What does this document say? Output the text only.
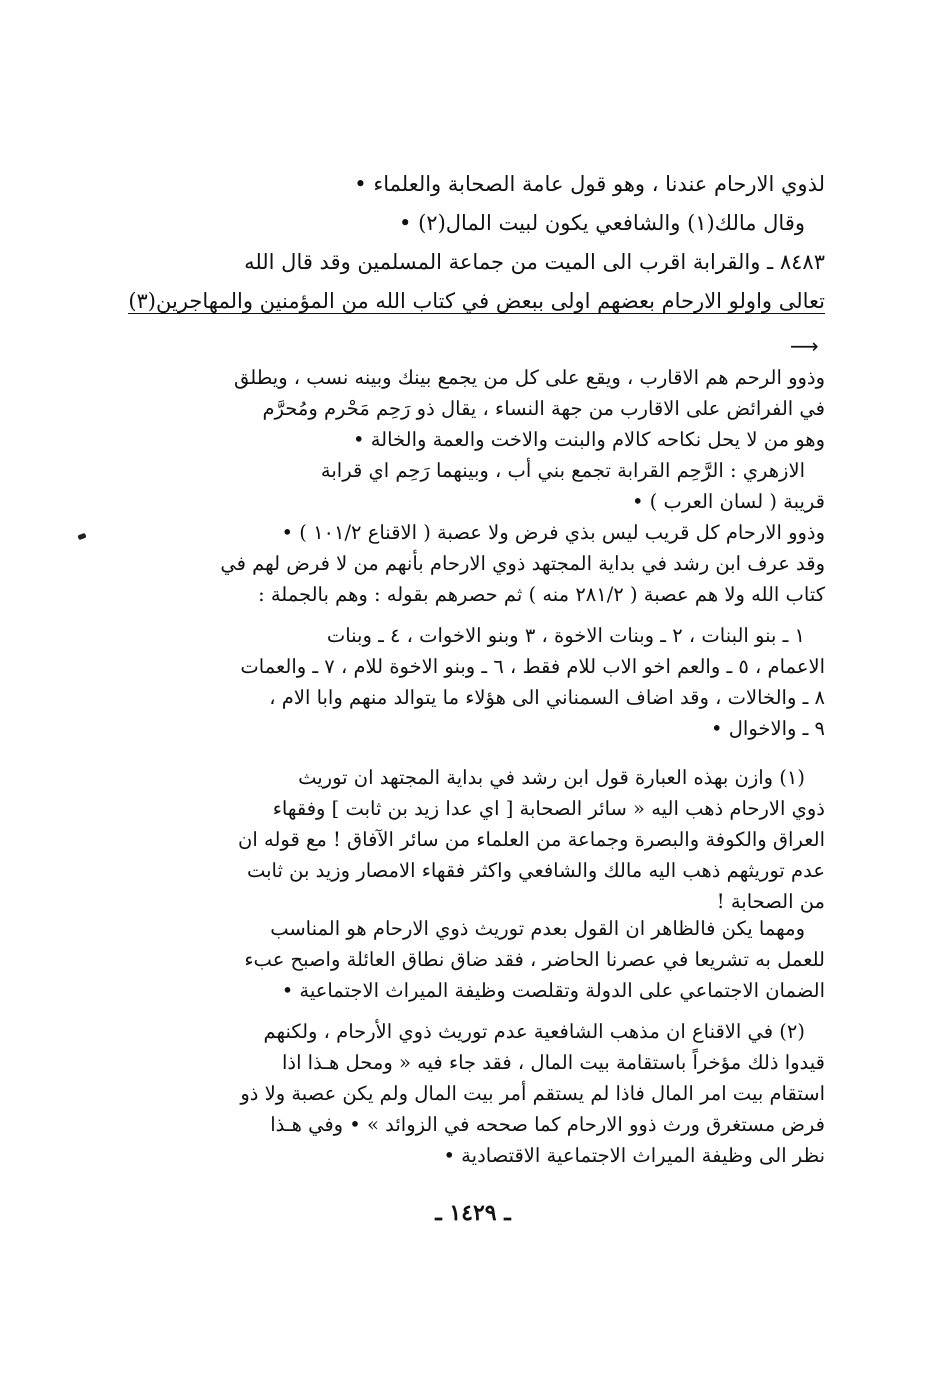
لذوي الارحام عندنا ، وهو قول عامة الصحابة والعلماء •
وقال مالك(١) والشافعي يكون لبيت المال(٢) •
٨٤٨٣ ـ والقرابة اقرب الى الميت من جماعة المسلمين وقد قال الله
تعالى واولو الارحام بعضهم اولى ببعض في كتاب الله من المؤمنين والمهاجرين(٣)
⟶
وذوو الرحم هم الاقارب ، ويقع على كل من يجمع بينك وبينه نسب ، ويطلق
في الفرائض على الاقارب من جهة النساء ، يقال ذو رَحِم مَحْرم ومُحرَّم
وهو من لا يحل نكاحه كالام والبنت والاخت والعمة والخالة •
الازهري : الرَّحِم القرابة تجمع بني أب ، وبينهما رَحِم اي قرابة
قريبة ( لسان العرب ) •
وذوو الارحام كل قريب ليس بذي فرض ولا عصبة ( الاقناع ١٠١/٢ ) •
وقد عرف ابن رشد في بداية المجتهد ذوي الارحام بأنهم من لا فرض لهم في
كتاب الله ولا هم عصبة ( ٢٨١/٢ منه ) ثم حصرهم بقوله : وهم بالجملة :
١ ـ بنو البنات ، ٢ ـ وبنات الاخوة ، ٣ وبنو الاخوات ، ٤ ـ وبنات
الاعمام ، ٥ ـ والعم اخو الاب للام فقط ، ٦ ـ وبنو الاخوة للام ، ٧ ـ والعمات
٨ ـ والخالات ، وقد اضاف السمناني الى هؤلاء ما يتوالد منهم وابا الام ،
٩ ـ والاخوال •
(١) وازن بهذه العبارة قول ابن رشد في بداية المجتهد ان توريث
ذوي الارحام ذهب اليه « سائر الصحابة [ اي عدا زيد بن ثابت ] وفقهاء
العراق والكوفة والبصرة وجماعة من العلماء من سائر الآفاق ! مع قوله ان
عدم توريثهم ذهب اليه مالك والشافعي واكثر فقهاء الامصار وزيد بن ثابت
من الصحابة !
ومهما يكن فالظاهر ان القول بعدم توريث ذوي الارحام هو المناسب
للعمل به تشريعا في عصرنا الحاضر ، فقد ضاق نطاق العائلة واصبح عبء
الضمان الاجتماعي على الدولة وتقلصت وظيفة الميراث الاجتماعية •
(٢) في الاقناع ان مذهب الشافعية عدم توريث ذوي الأرحام ، ولكنهم
قيدوا ذلك مؤخراً باستقامة بيت المال ، فقد جاء فيه « ومحل هـذا اذا
استقام بيت امر المال فاذا لم يستقم أمر بيت المال ولم يكن عصبة ولا ذو
فرض مستغرق ورث ذوو الارحام كما صححه في الزوائد » • وفي هـذا
نظر الى وظيفة الميراث الاجتماعية الاقتصادية •
ـ ١٤٢٩ ـ
